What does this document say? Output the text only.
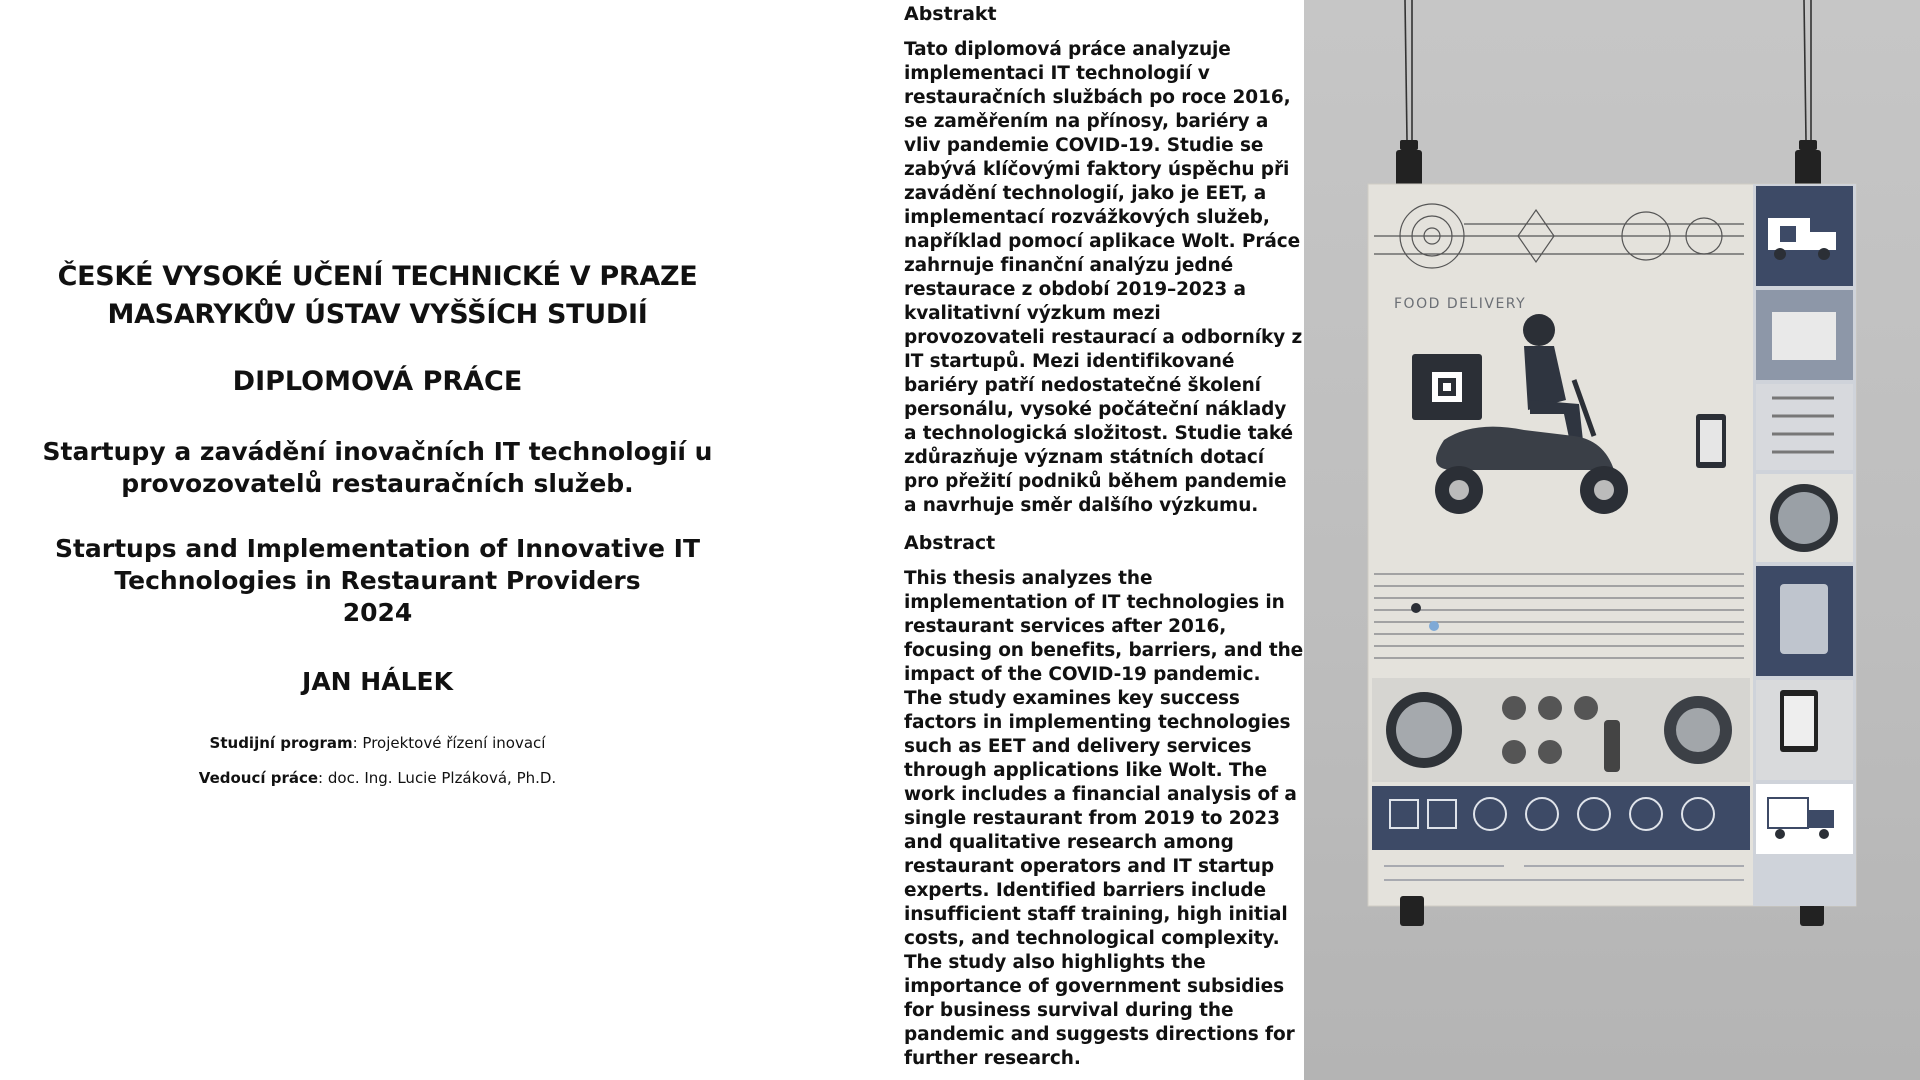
ČESKÉ VYSOKÉ UČENÍ TECHNICKÉ V PRAZE
MASARYKŮV ÚSTAV VYŠŠÍCH STUDIÍ
DIPLOMOVÁ PRÁCE
Startupy a zavádění inovačních IT technologií u
provozovatelů restauračních služeb.
Startups and Implementation of Innovative IT
Technologies in Restaurant Providers
2024
JAN HÁLEK
Studijní program: Projektové řízení inovací
Vedoucí práce: doc. Ing. Lucie Plzáková, Ph.D.
Abstrakt

Tato diplomová práce analyzuje implementaci IT technologií v restauračních službách po roce 2016, se zaměřením na přínosy, bariéry a vliv pandemie COVID-19. Studie se zabývá klíčovými faktory úspěchu při zavádění technologií, jako je EET, a implementací rozvážkových služeb, například pomocí aplikace Wolt. Práce zahrnuje finanční analýzu jedné restaurace z období 2019–2023 a kvalitativní výzkum mezi provozovateli restaurací a odborníky z IT startupů. Mezi identifikované bariéry patří nedostatečné školení personálu, vysoké počáteční náklady a technologická složitost. Studie také zdůrazňuje význam státních dotací pro přežití podniků během pandemie a navrhuje směr dalšího výzkumu.

Abstract

This thesis analyzes the implementation of IT technologies in restaurant services after 2016, focusing on benefits, barriers, and the impact of the COVID-19 pandemic. The study examines key success factors in implementing technologies such as EET and delivery services through applications like Wolt. The work includes a financial analysis of a single restaurant from 2019 to 2023 and qualitative research among restaurant operators and IT startup experts. Identified barriers include insufficient staff training, high initial costs, and technological complexity. The study also highlights the importance of government subsidies for business survival during the pandemic and suggests directions for further research.

FOOD DELIVERY
